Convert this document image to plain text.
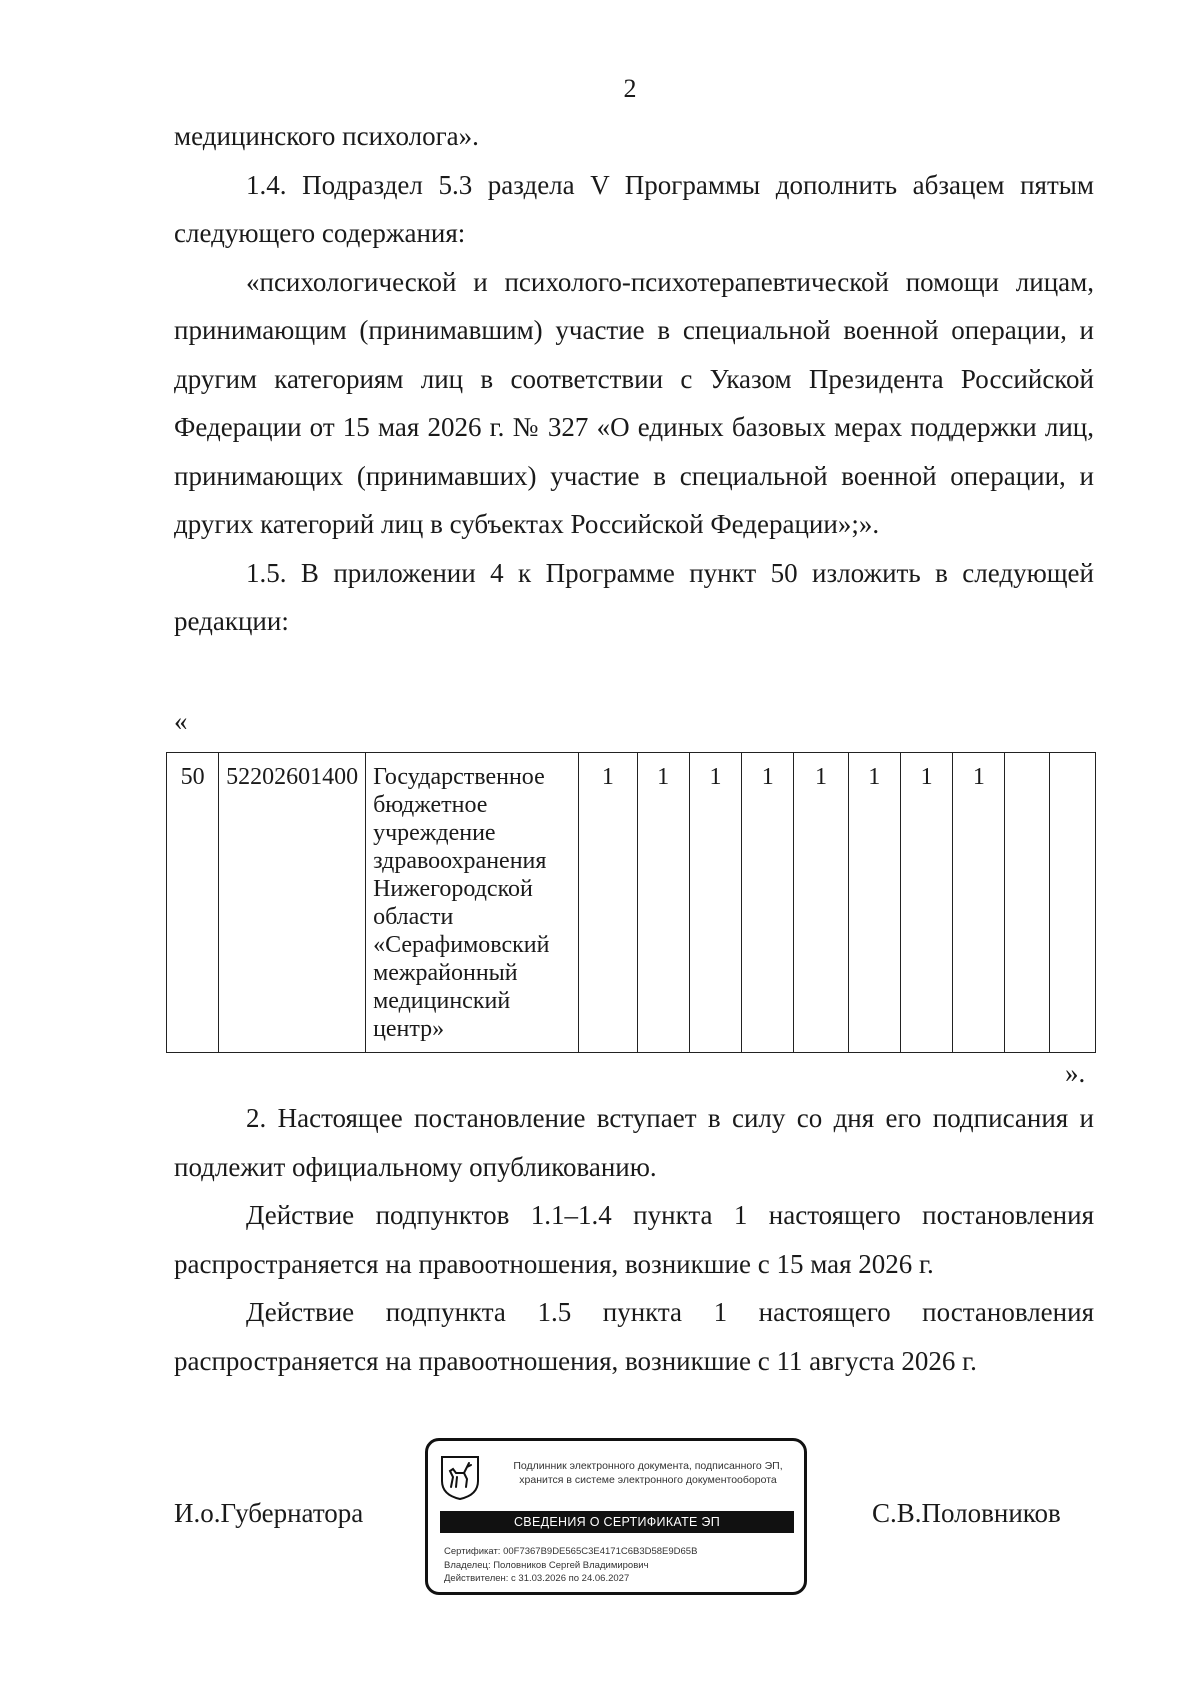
2

медицинского психолога».

1.4. Подраздел 5.3 раздела V Программы дополнить абзацем пятым следующего содержания:

«психологической и психолого-психотерапевтической помощи лицам, принимающим (принимавшим) участие в специальной военной операции, и другим категориям лиц в соответствии с Указом Президента Российской Федерации от 15 мая 2026 г. № 327 «О единых базовых мерах поддержки лиц, принимающих (принимавших) участие в специальной военной операции, и других категорий лиц в субъектах Российской Федерации»;».

1.5. В приложении 4 к Программе пункт 50 изложить в следующей редакции:

«
50	52202601400	Государственное бюджетное учреждение здравоохранения Нижегородской области «Серафимовский межрайонный медицинский центр»	1	1	1	1	1	1	1	1		
».

2. Настоящее постановление вступает в силу со дня его подписания и подлежит официальному опубликованию.

Действие подпунктов 1.1–1.4 пункта 1 настоящего постановления распространяется на правоотношения, возникшие с 15 мая 2026 г.

Действие подпункта 1.5 пункта 1 настоящего постановления распространяется на правоотношения, возникшие с 11 августа 2026 г.

И.о.Губернатора	С.В.Половников
Подлинник электронного документа, подписанного ЭП,
хранится в системе электронного документооборота
СВЕДЕНИЯ О СЕРТИФИКАТЕ ЭП
Сертификат: 00F7367B9DE565C3E4171C6B3D58E9D65B
Владелец: Половников Сергей Владимирович
Действителен: с 31.03.2026 по 24.06.2027
